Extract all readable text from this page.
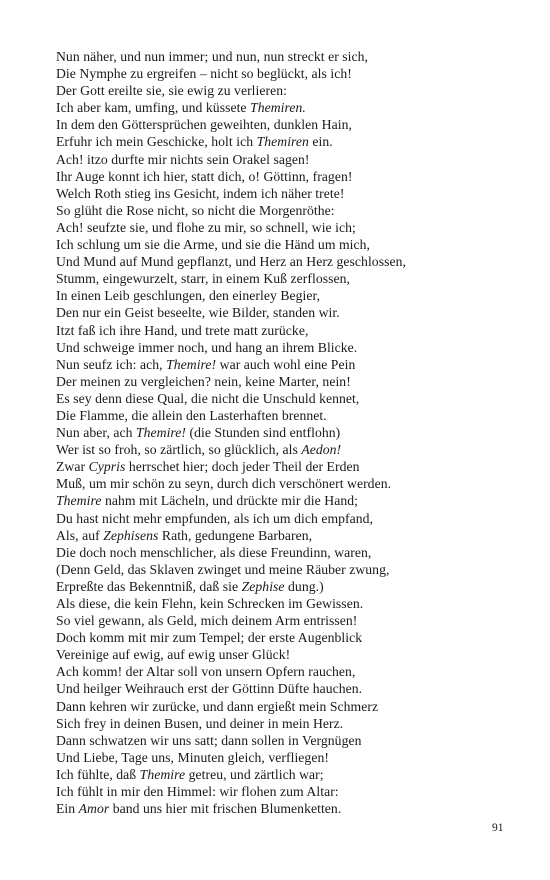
Nun näher, und nun immer; und nun, nun streckt er sich,
Die Nymphe zu ergreifen – nicht so beglückt, als ich!
Der Gott ereilte sie, sie ewig zu verlieren:
Ich aber kam, umfing, und küssete Themiren.
In dem den Göttersprüchen geweihten, dunklen Hain,
Erfuhr ich mein Geschicke, holt ich Themiren ein.
Ach! itzo durfte mir nichts sein Orakel sagen!
Ihr Auge konnt ich hier, statt dich, o! Göttinn, fragen!
Welch Roth stieg ins Gesicht, indem ich näher trete!
So glüht die Rose nicht, so nicht die Morgenröthe:
Ach! seufzte sie, und flohe zu mir, so schnell, wie ich;
Ich schlung um sie die Arme, und sie die Händ um mich,
Und Mund auf Mund gepflanzt, und Herz an Herz geschlossen,
Stumm, eingewurzelt, starr, in einem Kuß zerflossen,
In einen Leib geschlungen, den einerley Begier,
Den nur ein Geist beseelte, wie Bilder, standen wir.
Itzt faß ich ihre Hand, und trete matt zurücke,
Und schweige immer noch, und hang an ihrem Blicke.
Nun seufz ich: ach, Themire! war auch wohl eine Pein
Der meinen zu vergleichen? nein, keine Marter, nein!
Es sey denn diese Qual, die nicht die Unschuld kennet,
Die Flamme, die allein den Lasterhaften brennet.
Nun aber, ach Themire! (die Stunden sind entflohn)
Wer ist so froh, so zärtlich, so glücklich, als Aedon!
Zwar Cypris herrschet hier; doch jeder Theil der Erden
Muß, um mir schön zu seyn, durch dich verschönert werden.
Themire nahm mit Lächeln, und drückte mir die Hand;
Du hast nicht mehr empfunden, als ich um dich empfand,
Als, auf Zephisens Rath, gedungene Barbaren,
Die doch noch menschlicher, als diese Freundinn, waren,
(Denn Geld, das Sklaven zwinget und meine Räuber zwung,
Erpreßte das Bekenntniß, daß sie Zephise dung.)
Als diese, die kein Flehn, kein Schrecken im Gewissen.
So viel gewann, als Geld, mich deinem Arm entrissen!
Doch komm mit mir zum Tempel; der erste Augenblick
Vereinige auf ewig, auf ewig unser Glück!
Ach komm! der Altar soll von unsern Opfern rauchen,
Und heilger Weihrauch erst der Göttinn Düfte hauchen.
Dann kehren wir zurücke, und dann ergießt mein Schmerz
Sich frey in deinen Busen, und deiner in mein Herz.
Dann schwatzen wir uns satt; dann sollen in Vergnügen
Und Liebe, Tage uns, Minuten gleich, verfliegen!
Ich fühlte, daß Themire getreu, und zärtlich war;
Ich fühlt in mir den Himmel: wir flohen zum Altar:
Ein Amor band uns hier mit frischen Blumenketten.
91
